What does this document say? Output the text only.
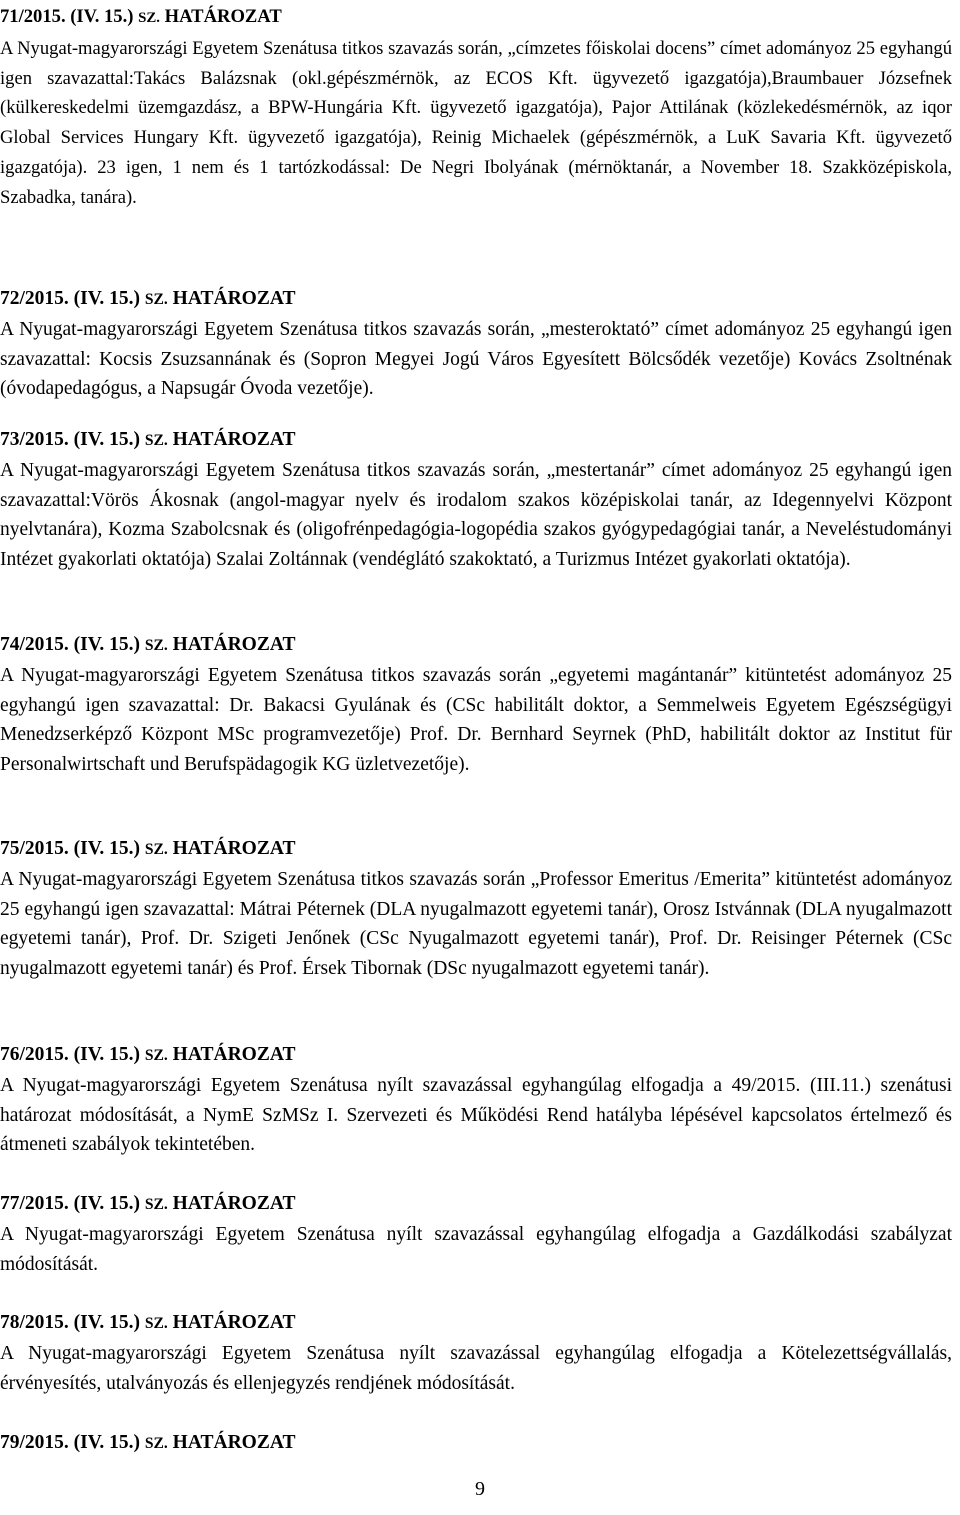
71/2015. (IV. 15.) SZ. HATÁROZAT
A Nyugat-magyarországi Egyetem Szenátusa titkos szavazás során, „címzetes főiskolai docens” címet adományoz 25 egyhangú igen szavazattal:Takács Balázsnak (okl.gépészmérnök, az ECOS Kft. ügyvezető igazgatója),Braumbauer Józsefnek (külkereskedelmi üzemgazdász, a BPW-Hungária Kft. ügyvezető igazgatója), Pajor Attilának (közlekedésmérnök, az iqor Global Services Hungary Kft. ügyvezető igazgatója), Reinig Michaelek (gépészmérnök, a LuK Savaria Kft. ügyvezető igazgatója). 23 igen, 1 nem és 1 tartózkodással: De Negri Ibolyának (mérnöktanár, a November 18. Szakközépiskola, Szabadka, tanára).
72/2015. (IV. 15.) SZ. HATÁROZAT
A Nyugat-magyarországi Egyetem Szenátusa titkos szavazás során, „mesteroktató” címet adományoz 25 egyhangú igen szavazattal: Kocsis Zsuzsannának és (Sopron Megyei Jogú Város Egyesített Bölcsődék vezetője) Kovács Zsoltnénak (óvodapedagógus, a Napsugár Óvoda vezetője).
73/2015. (IV. 15.) SZ. HATÁROZAT
A Nyugat-magyarországi Egyetem Szenátusa titkos szavazás során, „mestertanár” címet adományoz 25 egyhangú igen szavazattal:Vörös Ákosnak (angol-magyar nyelv és irodalom szakos középiskolai tanár, az Idegennyelvi Központ nyelvtanára), Kozma Szabolcsnak és (oligofrénpedagógia-logopédia szakos gyógypedagógiai tanár, a Neveléstudományi Intézet gyakorlati oktatója) Szalai Zoltánnak (vendéglátó szakoktató, a Turizmus Intézet gyakorlati oktatója).
74/2015. (IV. 15.) SZ. HATÁROZAT
A Nyugat-magyarországi Egyetem Szenátusa titkos szavazás során „egyetemi magántanár” kitüntetést adományoz 25 egyhangú igen szavazattal: Dr. Bakacsi Gyulának és (CSc habilitált doktor, a Semmelweis Egyetem Egészségügyi Menedzserképző Központ MSc programvezetője) Prof. Dr. Bernhard Seyrnek (PhD, habilitált doktor az Institut für Personalwirtschaft und Berufspädagogik KG üzletvezetője).
75/2015. (IV. 15.) SZ. HATÁROZAT
A Nyugat-magyarországi Egyetem Szenátusa titkos szavazás során „Professor Emeritus /Emerita” kitüntetést adományoz 25 egyhangú igen szavazattal: Mátrai Péternek (DLA nyugalmazott egyetemi tanár), Orosz Istvánnak (DLA nyugalmazott egyetemi tanár), Prof. Dr. Szigeti Jenőnek (CSc Nyugalmazott egyetemi tanár), Prof. Dr. Reisinger Péternek (CSc nyugalmazott egyetemi tanár) és Prof. Érsek Tibornak (DSc nyugalmazott egyetemi tanár).
76/2015. (IV. 15.) SZ. HATÁROZAT
A Nyugat-magyarországi Egyetem Szenátusa nyílt szavazással egyhangúlag elfogadja a 49/2015. (III.11.) szenátusi határozat módosítását, a NymE SzMSz I. Szervezeti és Működési Rend hatályba lépésével kapcsolatos értelmező és átmeneti szabályok tekintetében.
77/2015. (IV. 15.) SZ. HATÁROZAT
A Nyugat-magyarországi Egyetem Szenátusa nyílt szavazással egyhangúlag elfogadja a Gazdálkodási szabályzat módosítását.
78/2015. (IV. 15.) SZ. HATÁROZAT
A Nyugat-magyarországi Egyetem Szenátusa nyílt szavazással egyhangúlag elfogadja a Kötelezettségvállalás, érvényesítés, utalványozás és ellenjegyzés rendjének módosítását.
79/2015. (IV. 15.) SZ. HATÁROZAT
9
